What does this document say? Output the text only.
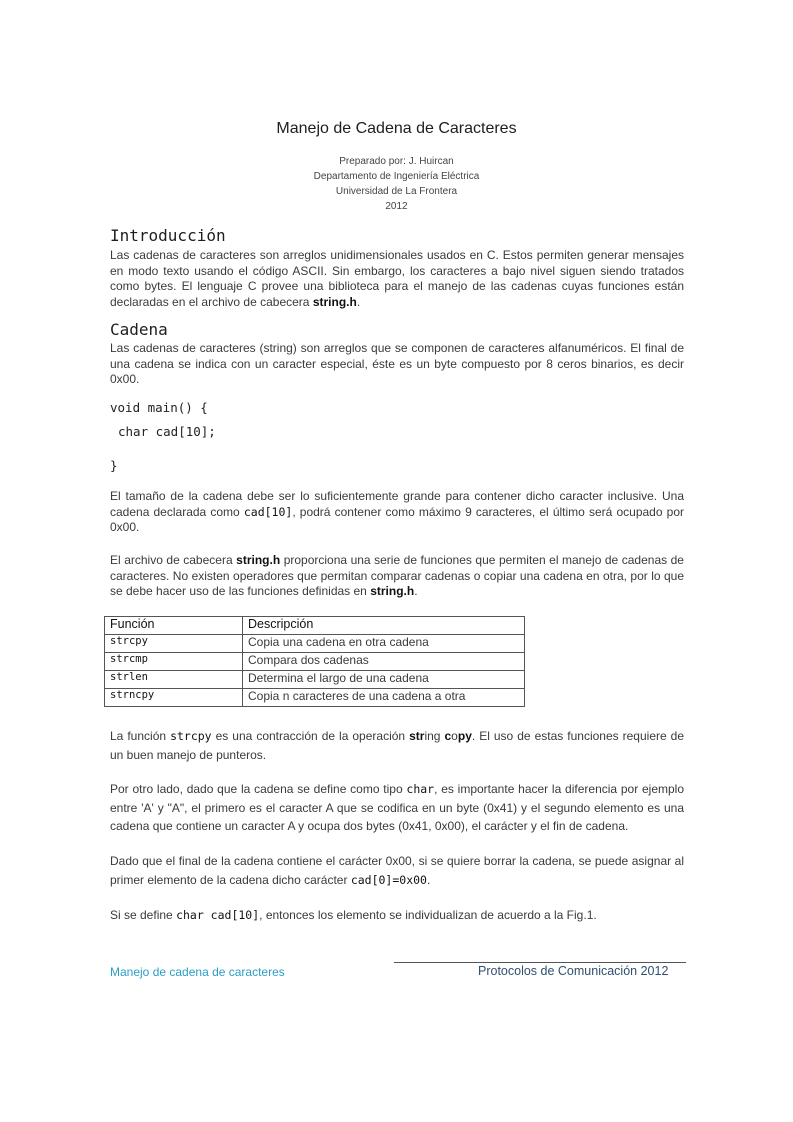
Manejo de Cadena de Caracteres
Preparado por: J. Huircan
Departamento de Ingeniería Eléctrica
Universidad de La Frontera
2012
Introducción
Las cadenas de caracteres son arreglos unidimensionales usados en C. Estos permiten generar mensajes en modo texto usando el código ASCII. Sin embargo, los caracteres a bajo nivel siguen siendo tratados como bytes. El lenguaje C provee una biblioteca para el manejo de las cadenas cuyas funciones están declaradas en el archivo de cabecera string.h.
Cadena
Las cadenas de caracteres (string) son arreglos que se componen de caracteres alfanuméricos. El final de una cadena se indica con un caracter especial, éste es un byte compuesto por 8 ceros binarios, es decir 0x00.
void main() {
char cad[10];
}
El tamaño de la cadena debe ser lo suficientemente grande para contener dicho caracter inclusive. Una cadena declarada como cad[10], podrá contener como máximo 9 caracteres, el último será ocupado por 0x00.
El archivo de cabecera string.h proporciona una serie de funciones que permiten el manejo de cadenas de caracteres. No existen operadores que permitan comparar cadenas o copiar una cadena en otra, por lo que se debe hacer uso de las funciones definidas en string.h.
Función	Descripción
strcpy	Copia una cadena en otra cadena
strcmp	Compara dos cadenas
strlen	Determina el largo de una cadena
strncpy	Copia n caracteres de una cadena a otra
La función strcpy es una contracción de la operación string copy. El uso de estas funciones requiere de un buen manejo de punteros.
Por otro lado, dado que la cadena se define como tipo char, es importante hacer la diferencia por ejemplo entre 'A' y "A", el primero es el caracter A que se codifica en un byte (0x41) y el segundo elemento es una cadena que contiene un caracter A y ocupa dos bytes (0x41, 0x00), el carácter y el fin de cadena.
Dado que el final de la cadena contiene el carácter 0x00, si se quiere borrar la cadena, se puede asignar al primer elemento de la cadena dicho carácter cad[0]=0x00.
Si se define char cad[10], entonces los elemento se individualizan de acuerdo a la Fig.1.
Manejo de cadena de caracteres	Protocolos de Comunicación 2012
